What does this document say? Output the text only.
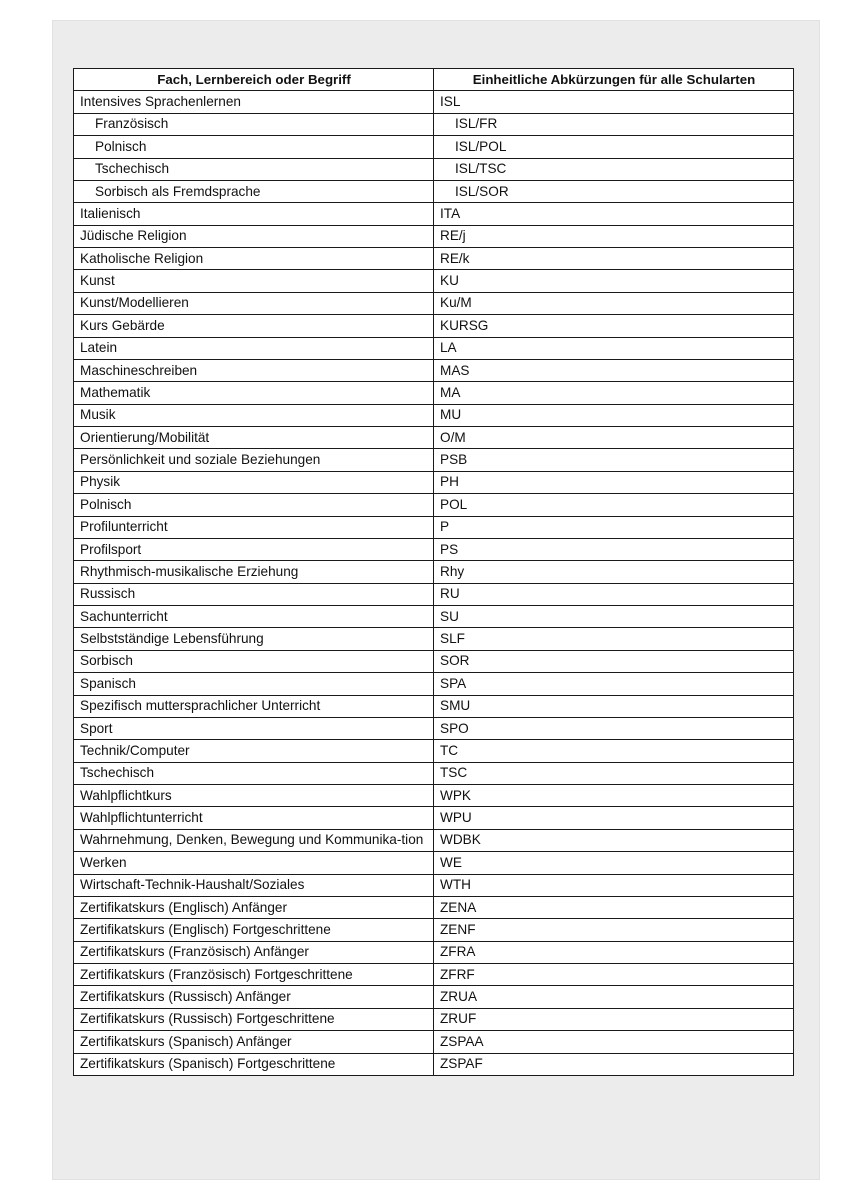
Fach, Lernbereich oder Begriff	Einheitliche Abkürzungen für alle Schularten
Intensives Sprachenlernen	ISL
Französisch	ISL/FR
Polnisch	ISL/POL
Tschechisch	ISL/TSC
Sorbisch als Fremdsprache	ISL/SOR
Italienisch	ITA
Jüdische Religion	RE/j
Katholische Religion	RE/k
Kunst	KU
Kunst/Modellieren	Ku/M
Kurs Gebärde	KURSG
Latein	LA
Maschineschreiben	MAS
Mathematik	MA
Musik	MU
Orientierung/Mobilität	O/M
Persönlichkeit und soziale Beziehungen	PSB
Physik	PH
Polnisch	POL
Profilunterricht	P
Profilsport	PS
Rhythmisch-musikalische Erziehung	Rhy
Russisch	RU
Sachunterricht	SU
Selbstständige Lebensführung	SLF
Sorbisch	SOR
Spanisch	SPA
Spezifisch muttersprachlicher Unterricht	SMU
Sport	SPO
Technik/Computer	TC
Tschechisch	TSC
Wahlpflichtkurs	WPK
Wahlpflichtunterricht	WPU
Wahrnehmung, Denken, Bewegung und Kommunika-tion	WDBK
Werken	WE
Wirtschaft-Technik-Haushalt/Soziales	WTH
Zertifikatskurs (Englisch) Anfänger	ZENA
Zertifikatskurs (Englisch) Fortgeschrittene	ZENF
Zertifikatskurs (Französisch) Anfänger	ZFRA
Zertifikatskurs (Französisch) Fortgeschrittene	ZFRF
Zertifikatskurs (Russisch) Anfänger	ZRUA
Zertifikatskurs (Russisch) Fortgeschrittene	ZRUF
Zertifikatskurs (Spanisch) Anfänger	ZSPAA
Zertifikatskurs (Spanisch) Fortgeschrittene	ZSPAF
